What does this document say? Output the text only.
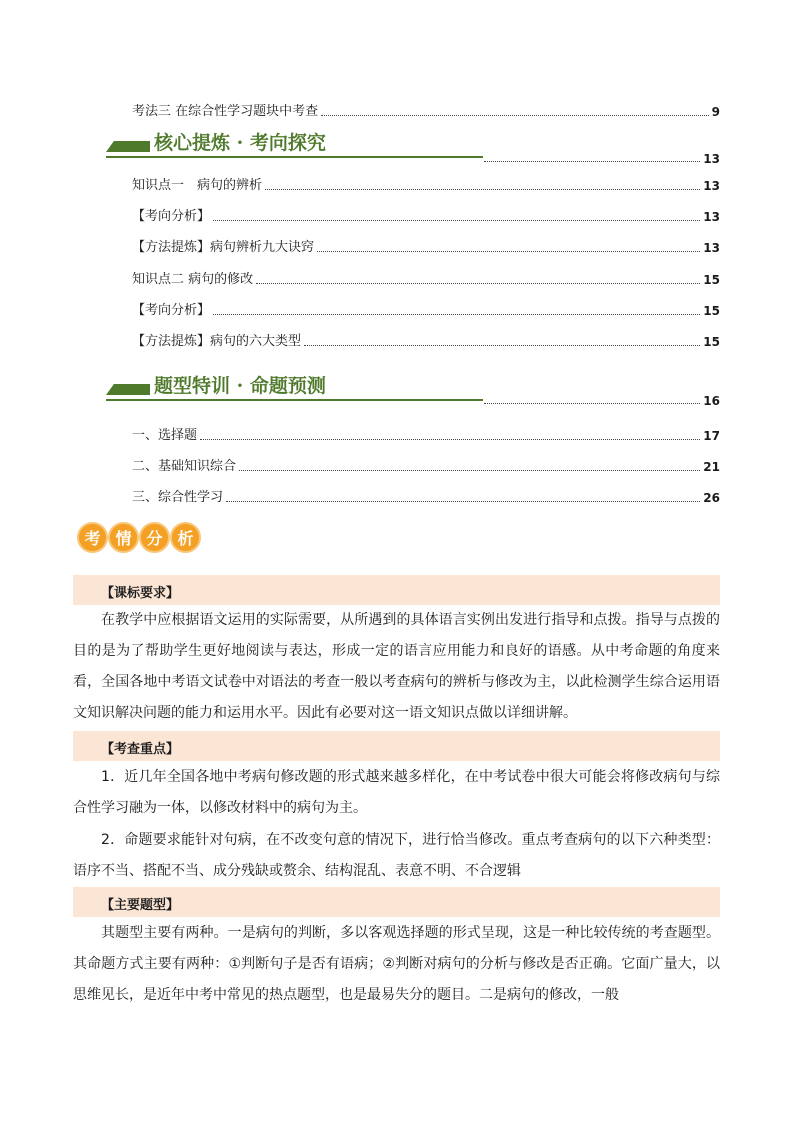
考法三 在综合性学习题块中考查	9
核心提炼 · 考向探究
13
知识点一　病句的辨析	13
【考向分析】	13
【方法提炼】病句辨析九大诀窍	13
知识点二 病句的修改	15
【考向分析】	15
【方法提炼】病句的六大类型	15
题型特训 · 命题预测
16
一、选择题	17
二、基础知识综合	21
三、综合性学习	26
考 情 分 析
【课标要求】
在教学中应根据语文运用的实际需要，从所遇到的具体语言实例出发进行指导和点拨。指导与点拨的目的是为了帮助学生更好地阅读与表达，形成一定的语言应用能力和良好的语感。从中考命题的角度来看，全国各地中考语文试卷中对语法的考查一般以考查病句的辨析与修改为主，以此检测学生综合运用语文知识解决问题的能力和运用水平。因此有必要对这一语文知识点做以详细讲解。
【考查重点】
1．近几年全国各地中考病句修改题的形式越来越多样化，在中考试卷中很大可能会将修改病句与综合性学习融为一体，以修改材料中的病句为主。
2．命题要求能针对句病，在不改变句意的情况下，进行恰当修改。重点考查病句的以下六种类型：语序不当、搭配不当、成分残缺或赘余、结构混乱、表意不明、不合逻辑
【主要题型】
其题型主要有两种。一是病句的判断，多以客观选择题的形式呈现，这是一种比较传统的考查题型。其命题方式主要有两种：①判断句子是否有语病；②判断对病句的分析与修改是否正确。它面广量大，以思维见长，是近年中考中常见的热点题型，也是最易失分的题目。二是病句的修改，一般
